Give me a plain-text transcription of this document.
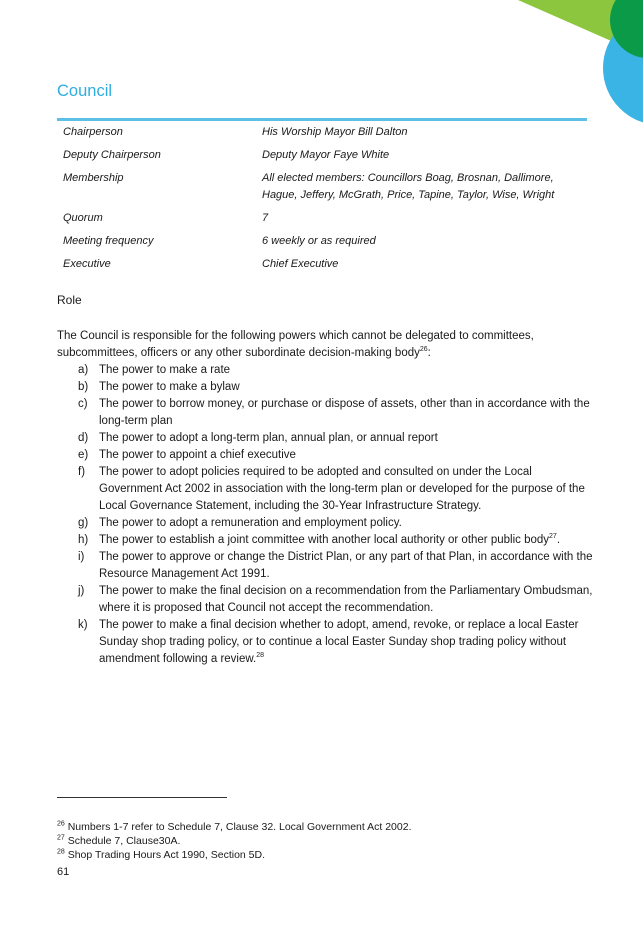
Council
Chairperson	His Worship Mayor Bill Dalton
Deputy Chairperson	Deputy Mayor Faye White
Membership	All elected members: Councillors Boag, Brosnan, Dallimore, Hague, Jeffery, McGrath, Price, Tapine, Taylor, Wise, Wright
Quorum	7
Meeting frequency	6 weekly or as required
Executive	Chief Executive
Role

The Council is responsible for the following powers which cannot be delegated to committees, subcommittees, officers or any other subordinate decision-making body$^{26}$:

a) The power to make a rate
b) The power to make a bylaw
c) The power to borrow money, or purchase or dispose of assets, other than in accordance with the long-term plan
d) The power to adopt a long-term plan, annual plan, or annual report
e) The power to appoint a chief executive
f) The power to adopt policies required to be adopted and consulted on under the Local Government Act 2002 in association with the long-term plan or developed for the purpose of the Local Governance Statement, including the 30-Year Infrastructure Strategy.
g) The power to adopt a remuneration and employment policy.
h) The power to establish a joint committee with another local authority or other public body$^{27}$.
i) The power to approve or change the District Plan, or any part of that Plan, in accordance with the Resource Management Act 1991.
j) The power to make the final decision on a recommendation from the Parliamentary Ombudsman, where it is proposed that Council not accept the recommendation.
k) The power to make a final decision whether to adopt, amend, revoke, or replace a local Easter Sunday shop trading policy, or to continue a local Easter Sunday shop trading policy without amendment following a review.$^{28}$
$^{26}$ Numbers 1-7 refer to Schedule 7, Clause 32. Local Government Act 2002.
$^{27}$ Schedule 7, Clause30A.
$^{28}$ Shop Trading Hours Act 1990, Section 5D.
61
